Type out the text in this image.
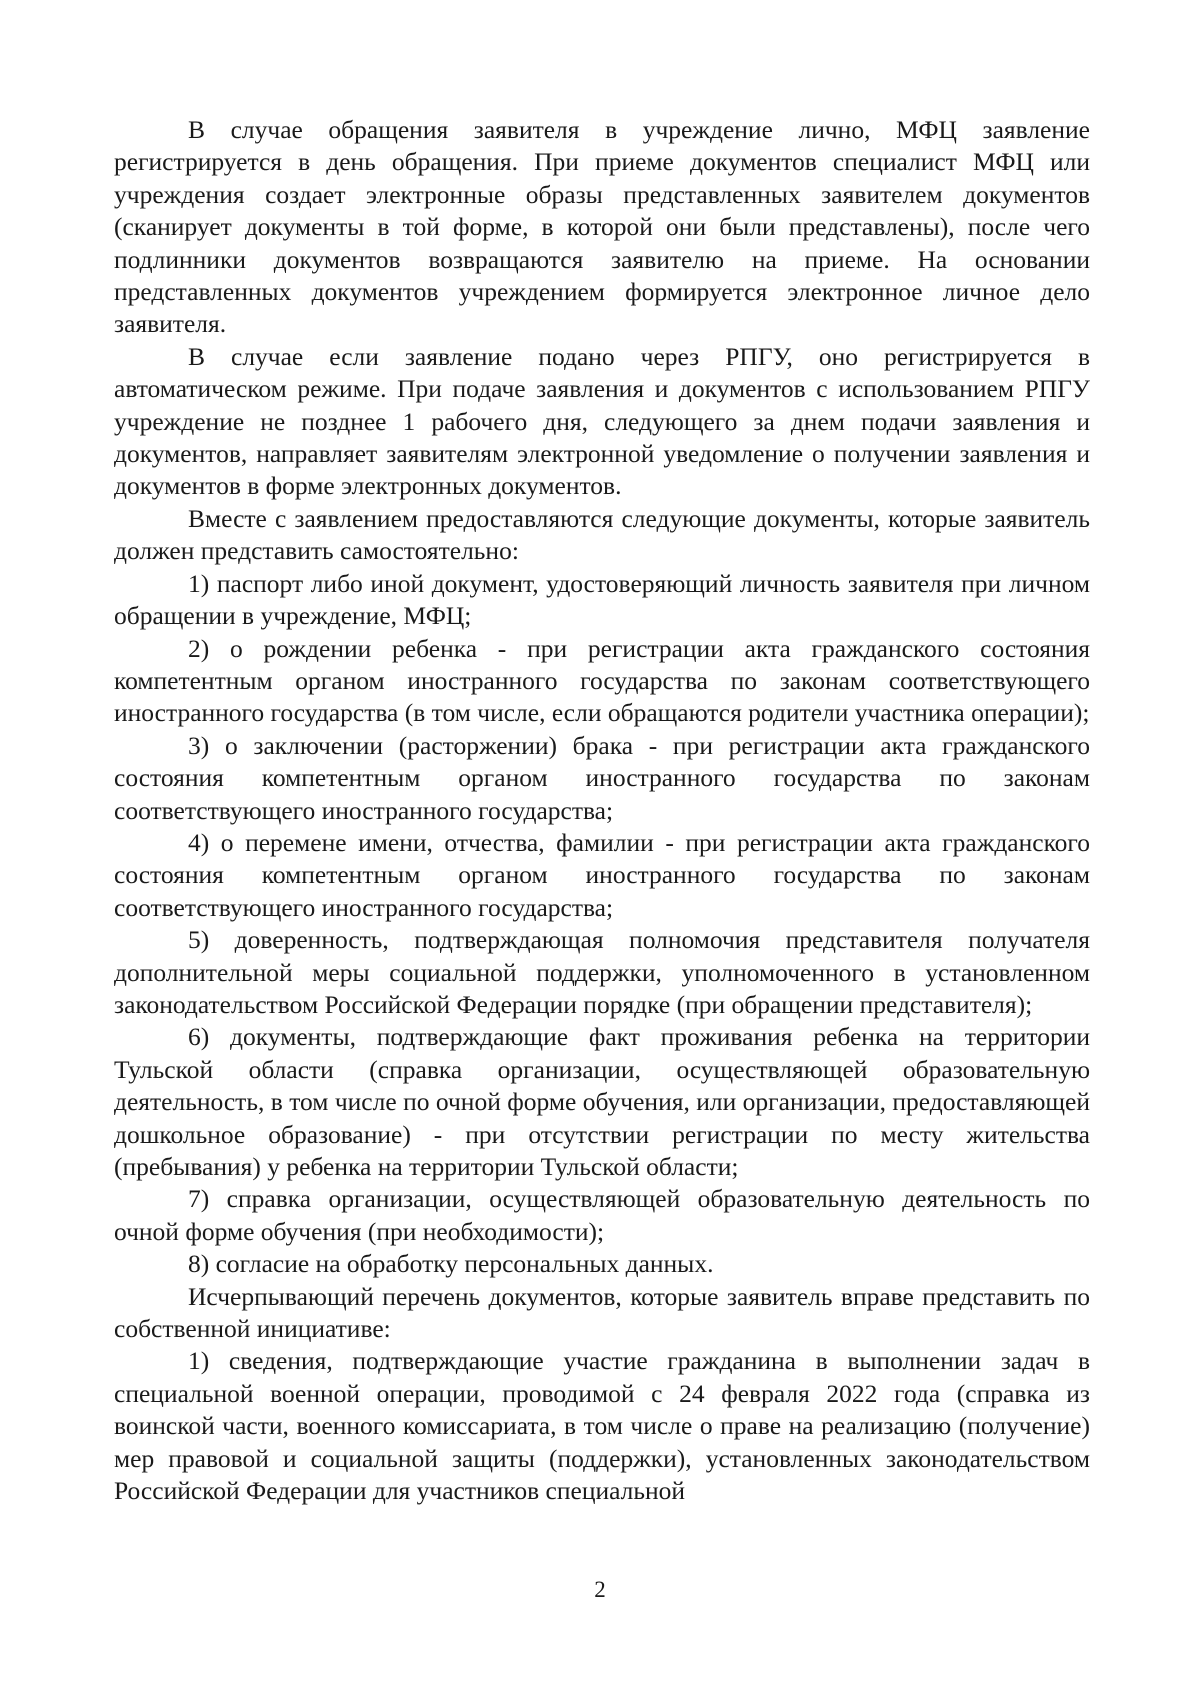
В случае обращения заявителя в учреждение лично, МФЦ заявление регистрируется в день обращения. При приеме документов специалист МФЦ или учреждения создает электронные образы представленных заявителем документов (сканирует документы в той форме, в которой они были представлены), после чего подлинники документов возвращаются заявителю на приеме. На основании представленных документов учреждением формируется электронное личное дело заявителя.

В случае если заявление подано через РПГУ, оно регистрируется в автоматическом режиме. При подаче заявления и документов с использованием РПГУ учреждение не позднее 1 рабочего дня, следующего за днем подачи заявления и документов, направляет заявителям электронной уведомление о получении заявления и документов в форме электронных документов.

Вместе с заявлением предоставляются следующие документы, которые заявитель должен представить самостоятельно:

1) паспорт либо иной документ, удостоверяющий личность заявителя при личном обращении в учреждение, МФЦ;

2) о рождении ребенка - при регистрации акта гражданского состояния компетентным органом иностранного государства по законам соответствующего иностранного государства (в том числе, если обращаются родители участника операции);

3) о заключении (расторжении) брака - при регистрации акта гражданского состояния компетентным органом иностранного государства по законам соответствующего иностранного государства;

4) о перемене имени, отчества, фамилии - при регистрации акта гражданского состояния компетентным органом иностранного государства по законам соответствующего иностранного государства;

5) доверенность, подтверждающая полномочия представителя получателя дополнительной меры социальной поддержки, уполномоченного в установленном законодательством Российской Федерации порядке (при обращении представителя);

6) документы, подтверждающие факт проживания ребенка на территории Тульской области (справка организации, осуществляющей образовательную деятельность, в том числе по очной форме обучения, или организации, предоставляющей дошкольное образование) - при отсутствии регистрации по месту жительства (пребывания) у ребенка на территории Тульской области;

7) справка организации, осуществляющей образовательную деятельность по очной форме обучения (при необходимости);

8) согласие на обработку персональных данных.

Исчерпывающий перечень документов, которые заявитель вправе представить по собственной инициативе:

1) сведения, подтверждающие участие гражданина в выполнении задач в специальной военной операции, проводимой с 24 февраля 2022 года (справка из воинской части, военного комиссариата, в том числе о праве на реализацию (получение) мер правовой и социальной защиты (поддержки), установленных законодательством Российской Федерации для участников специальной

2
